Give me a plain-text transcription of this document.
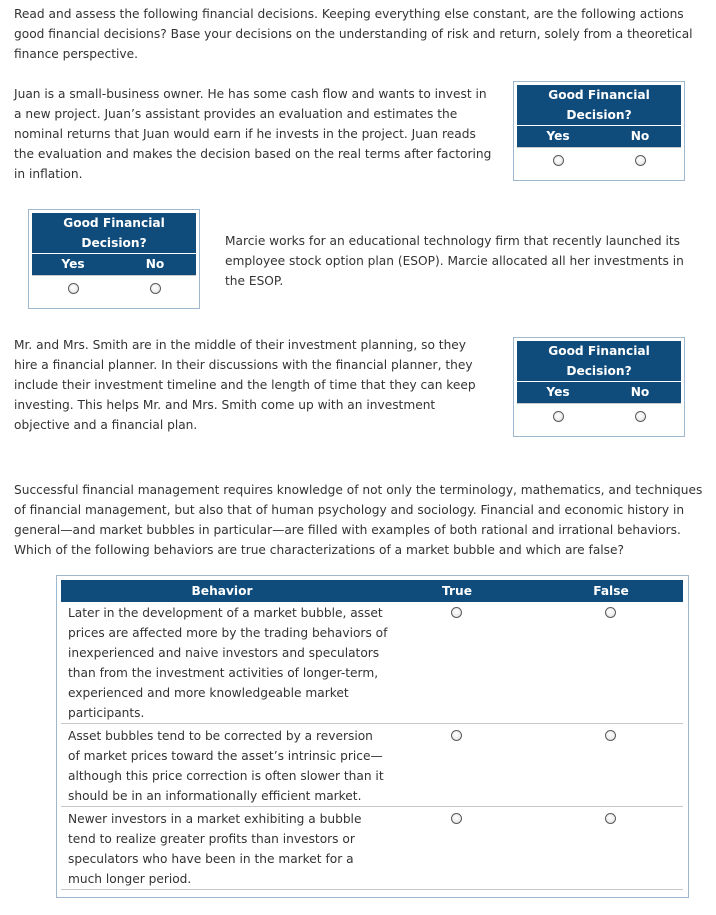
Read and assess the following financial decisions. Keeping everything else constant, are the following actions good financial decisions? Base your decisions on the understanding of risk and return, solely from a theoretical finance perspective.

Juan is a small-business owner. He has some cash flow and wants to invest in a new project. Juan’s assistant provides an evaluation and estimates the nominal returns that Juan would earn if he invests in the project. Juan reads the evaluation and makes the decision based on the real terms after factoring in inflation.

Good Financial Decision?
Yes	No
Good Financial Decision?
Yes	No

Marcie works for an educational technology firm that recently launched its employee stock option plan (ESOP). Marcie allocated all her investments in the ESOP.

Mr. and Mrs. Smith are in the middle of their investment planning, so they hire a financial planner. In their discussions with the financial planner, they include their investment timeline and the length of time that they can keep investing. This helps Mr. and Mrs. Smith come up with an investment objective and a financial plan.

Good Financial Decision?
Yes	No

Successful financial management requires knowledge of not only the terminology, mathematics, and techniques of financial management, but also that of human psychology and sociology. Financial and economic history in general—and market bubbles in particular—are filled with examples of both rational and irrational behaviors. Which of the following behaviors are true characterizations of a market bubble and which are false?

Behavior	True	False
Later in the development of a market bubble, asset prices are affected more by the trading behaviors of inexperienced and naive investors and speculators than from the investment activities of longer-term, experienced and more knowledgeable market participants.
Asset bubbles tend to be corrected by a reversion of market prices toward the asset’s intrinsic price—although this price correction is often slower than it should be in an informationally efficient market.
Newer investors in a market exhibiting a bubble tend to realize greater profits than investors or speculators who have been in the market for a much longer period.
